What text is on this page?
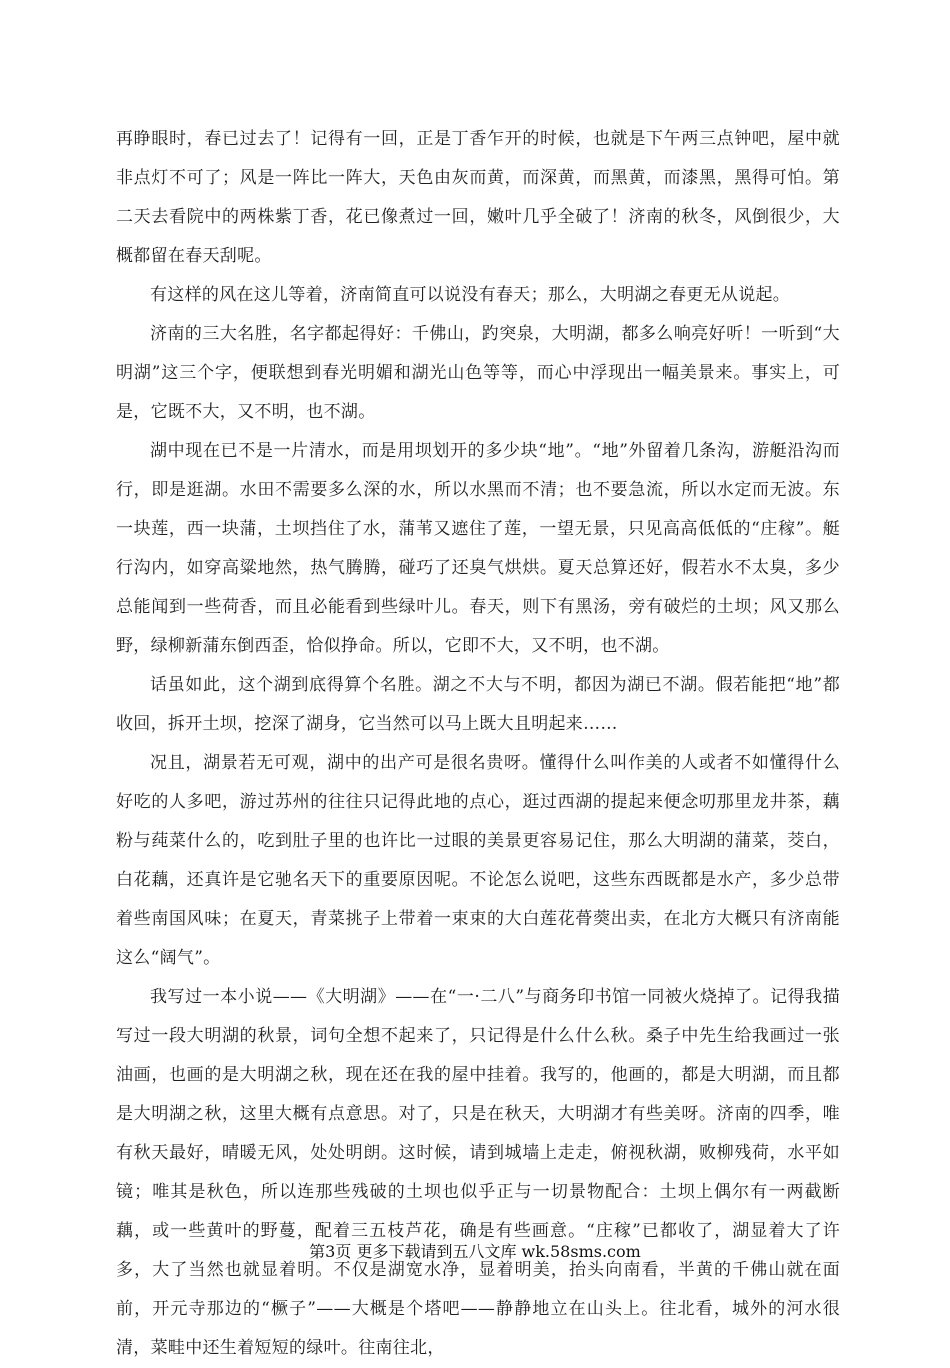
再睁眼时，春已过去了！记得有一回，正是丁香乍开的时候，也就是下午两三点钟吧，屋中就非点灯不可了；风是一阵比一阵大，天色由灰而黄，而深黄，而黑黄，而漆黑，黑得可怕。第二天去看院中的两株紫丁香，花已像煮过一回，嫩叶几乎全破了！济南的秋冬，风倒很少，大概都留在春天刮呢。

有这样的风在这儿等着，济南简直可以说没有春天；那么，大明湖之春更无从说起。

济南的三大名胜，名字都起得好：千佛山，趵突泉，大明湖，都多么响亮好听！一听到“大明湖”这三个字，便联想到春光明媚和湖光山色等等，而心中浮现出一幅美景来。事实上，可是，它既不大，又不明，也不湖。

湖中现在已不是一片清水，而是用坝划开的多少块“地”。“地”外留着几条沟，游艇沿沟而行，即是逛湖。水田不需要多么深的水，所以水黑而不清；也不要急流，所以水定而无波。东一块莲，西一块蒲，土坝挡住了水，蒲苇又遮住了莲，一望无景，只见高高低低的“庄稼”。艇行沟内，如穿高粱地然，热气腾腾，碰巧了还臭气烘烘。夏天总算还好，假若水不太臭，多少总能闻到一些荷香，而且必能看到些绿叶儿。春天，则下有黑汤，旁有破烂的土坝；风又那么野，绿柳新蒲东倒西歪，恰似挣命。所以，它即不大，又不明，也不湖。

话虽如此，这个湖到底得算个名胜。湖之不大与不明，都因为湖已不湖。假若能把“地”都收回，拆开土坝，挖深了湖身，它当然可以马上既大且明起来……

况且，湖景若无可观，湖中的出产可是很名贵呀。懂得什么叫作美的人或者不如懂得什么好吃的人多吧，游过苏州的往往只记得此地的点心，逛过西湖的提起来便念叨那里龙井茶，藕粉与莼菜什么的，吃到肚子里的也许比一过眼的美景更容易记住，那么大明湖的蒲菜，茭白，白花藕，还真许是它驰名天下的重要原因呢。不论怎么说吧，这些东西既都是水产，多少总带着些南国风味；在夏天，青菜挑子上带着一束束的大白莲花蓇葖出卖，在北方大概只有济南能这么“阔气”。

我写过一本小说——《大明湖》——在“一·二八”与商务印书馆一同被火烧掉了。记得我描写过一段大明湖的秋景，词句全想不起来了，只记得是什么什么秋。桑子中先生给我画过一张油画，也画的是大明湖之秋，现在还在我的屋中挂着。我写的，他画的，都是大明湖，而且都是大明湖之秋，这里大概有点意思。对了，只是在秋天，大明湖才有些美呀。济南的四季，唯有秋天最好，晴暖无风，处处明朗。这时候，请到城墙上走走，俯视秋湖，败柳残荷，水平如镜；唯其是秋色，所以连那些残破的土坝也似乎正与一切景物配合：土坝上偶尔有一两截断藕，或一些黄叶的野蔓，配着三五枝芦花，确是有些画意。“庄稼”已都收了，湖显着大了许多，大了当然也就显着明。不仅是湖宽水净，显着明美，抬头向南看，半黄的千佛山就在面前，开元寺那边的“橛子”——大概是个塔吧——静静地立在山头上。往北看，城外的河水很清，菜畦中还生着短短的绿叶。往南往北，

第3页 更多下载请到五八文库 wk.58sms.com
